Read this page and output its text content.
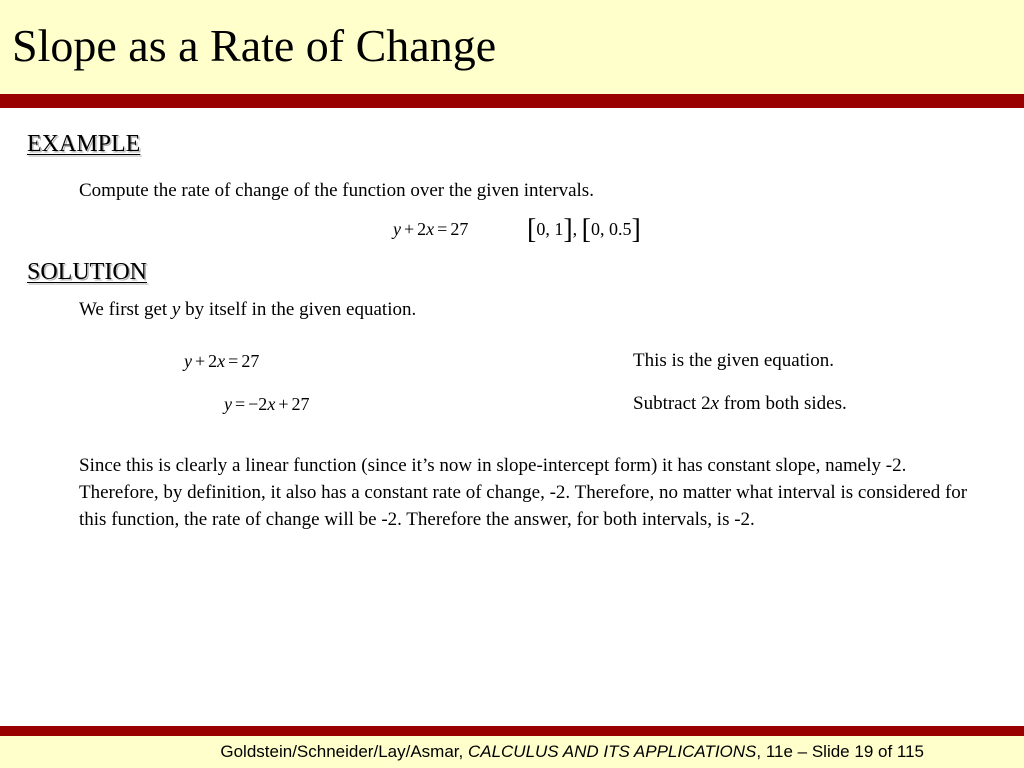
Slope as a Rate of Change
EXAMPLE
Compute the rate of change of the function over the given intervals.
y + 2x = 27 [0, 1], [0, 0.5]
SOLUTION
We first get y by itself in the given equation.
y + 2x = 27	This is the given equation.
y = −2x + 27	Subtract 2x from both sides.
Since this is clearly a linear function (since it’s now in slope-intercept form) it has constant slope, namely -2. Therefore, by definition, it also has a constant rate of change, -2. Therefore, no matter what interval is considered for this function, the rate of change will be -2. Therefore the answer, for both intervals, is -2.
Goldstein/Schneider/Lay/Asmar, CALCULUS AND ITS APPLICATIONS, 11e – Slide 19 of 115
